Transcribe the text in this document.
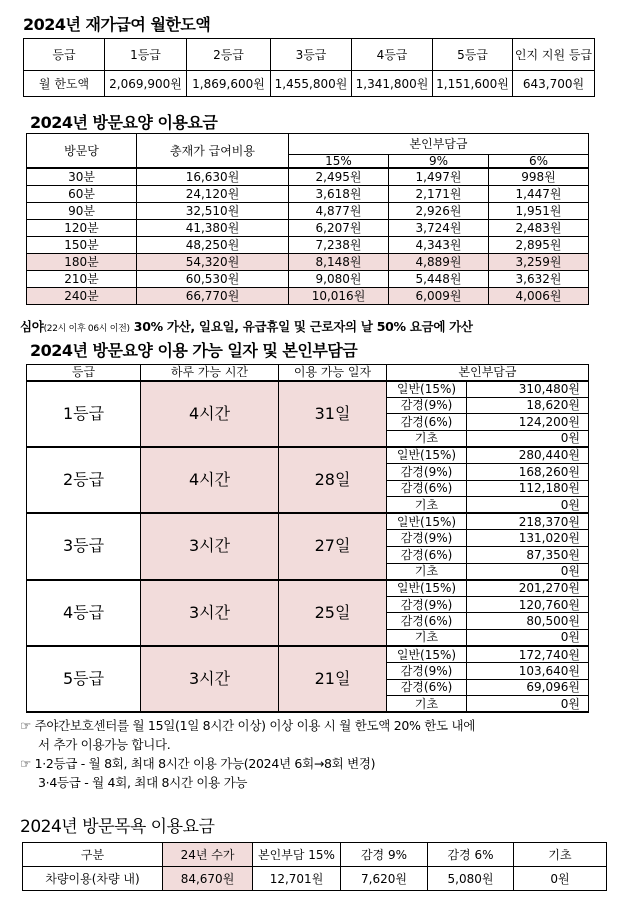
2024년 재가급여 월한도액
등급	1등급	2등급	3등급	4등급	5등급	인지 지원 등급
월 한도액	2,069,900원	1,869,600원	1,455,800원	1,341,800원	1,151,600원	643,700원
2024년 방문요양 이용요금
방문당	총재가 급여비용	본인부담금		
		15%	9%	6%
30분	16,630원	2,495원	1,497원	998원
60분	24,120원	3,618원	2,171원	1,447원
90분	32,510원	4,877원	2,926원	1,951원
120분	41,380원	6,207원	3,724원	2,483원
150분	48,250원	7,238원	4,343원	2,895원
180분	54,320원	8,148원	4,889원	3,259원
210분	60,530원	9,080원	5,448원	3,632원
240분	66,770원	10,016원	6,009원	4,006원
심야(22시 이후 06시 이전) 30% 가산, 일요일, 유급휴일 및 근로자의 날 50% 요금에 가산
2024년 방문요양 이용 가능 일자 및 본인부담금
등급	하루 가능 시간	이용 가능 일자	본인부담금	
1등급	4시간	31일	일반(15%)	310,480원
			감경(9%)	18,620원
			감경(6%)	124,200원
			기초	0원
2등급	4시간	28일	일반(15%)	280,440원
			감경(9%)	168,260원
			감경(6%)	112,180원
			기초	0원
3등급	3시간	27일	일반(15%)	218,370원
			감경(9%)	131,020원
			감경(6%)	87,350원
			기초	0원
4등급	3시간	25일	일반(15%)	201,270원
			감경(9%)	120,760원
			감경(6%)	80,500원
			기초	0원
5등급	3시간	21일	일반(15%)	172,740원
			감경(9%)	103,640원
			감경(6%)	69,096원
			기초	0원
☞ 주야간보호센터를 월 15일(1일 8시간 이상) 이상 이용 시 월 한도액 20% 한도 내에
서 추가 이용가능 합니다.
☞ 1·2등급 - 월 8회, 최대 8시간 이용 가능(2024년 6회→8회 변경)
3·4등급 - 월 4회, 최대 8시간 이용 가능
2024년 방문목욕 이용요금
구분	24년 수가	본인부담 15%	감경 9%	감경 6%	기초
차량이용(차량 내)	84,670원	12,701원	7,620원	5,080원	0원
